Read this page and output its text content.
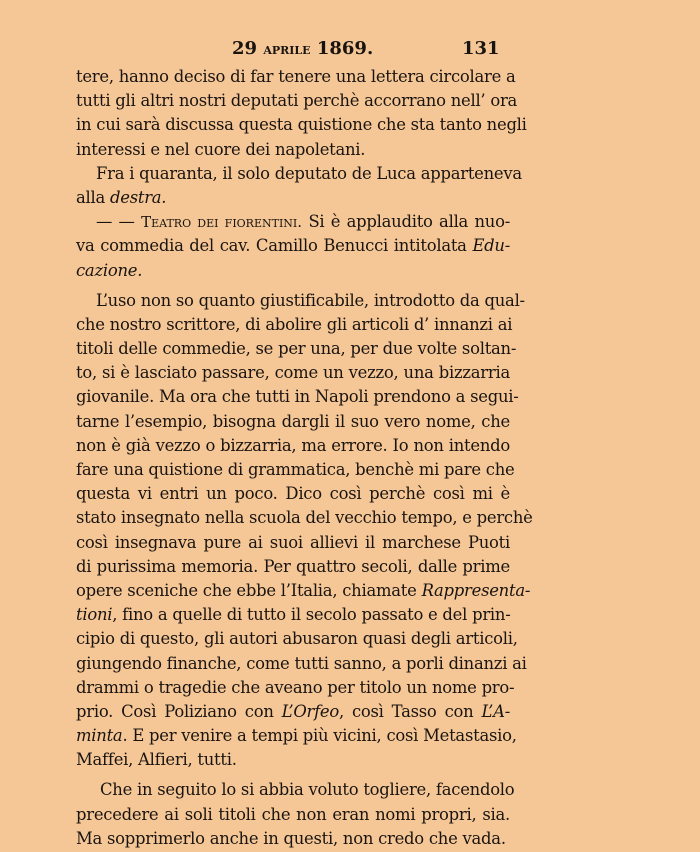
29 aprile 1869.	131
tere, hanno deciso di far tenere una lettera circolare a
tutti gli altri nostri deputati perchè accorrano nell’ ora
in cui sarà discussa questa quistione che sta tanto negli
interessi e nel cuore dei napoletani.
Fra i quaranta, il solo deputato de Luca apparteneva
alla destra.
— — Teatro dei fiorentini. Si è applaudito alla nuo-
va commedia del cav. Camillo Benucci intitolata Edu-
cazione.
L’uso non so quanto giustificabile, introdotto da qual-
che nostro scrittore, di abolire gli articoli d’ innanzi ai
titoli delle commedie, se per una, per due volte soltan-
to, si è lasciato passare, come un vezzo, una bizzarria
giovanile. Ma ora che tutti in Napoli prendono a segui-
tarne l’esempio, bisogna dargli il suo vero nome, che
non è già vezzo o bizzarria, ma errore. Io non intendo
fare una quistione di grammatica, benchè mi pare che
questa vi entri un poco. Dico così perchè così mi è
stato insegnato nella scuola del vecchio tempo, e perchè
così insegnava pure ai suoi allievi il marchese Puoti
di purissima memoria. Per quattro secoli, dalle prime
opere sceniche che ebbe l’Italia, chiamate Rappresenta-
tioni, fino a quelle di tutto il secolo passato e del prin-
cipio di questo, gli autori abusaron quasi degli articoli,
giungendo finanche, come tutti sanno, a porli dinanzi ai
drammi o tragedie che aveano per titolo un nome pro-
prio. Così Poliziano con L’Orfeo, così Tasso con L’A-
minta. E per venire a tempi più vicini, così Metastasio,
Maffei, Alfieri, tutti.
Che in seguito lo si abbia voluto togliere, facendolo
precedere ai soli titoli che non eran nomi propri, sia.
Ma sopprimerlo anche in questi, non credo che vada.
